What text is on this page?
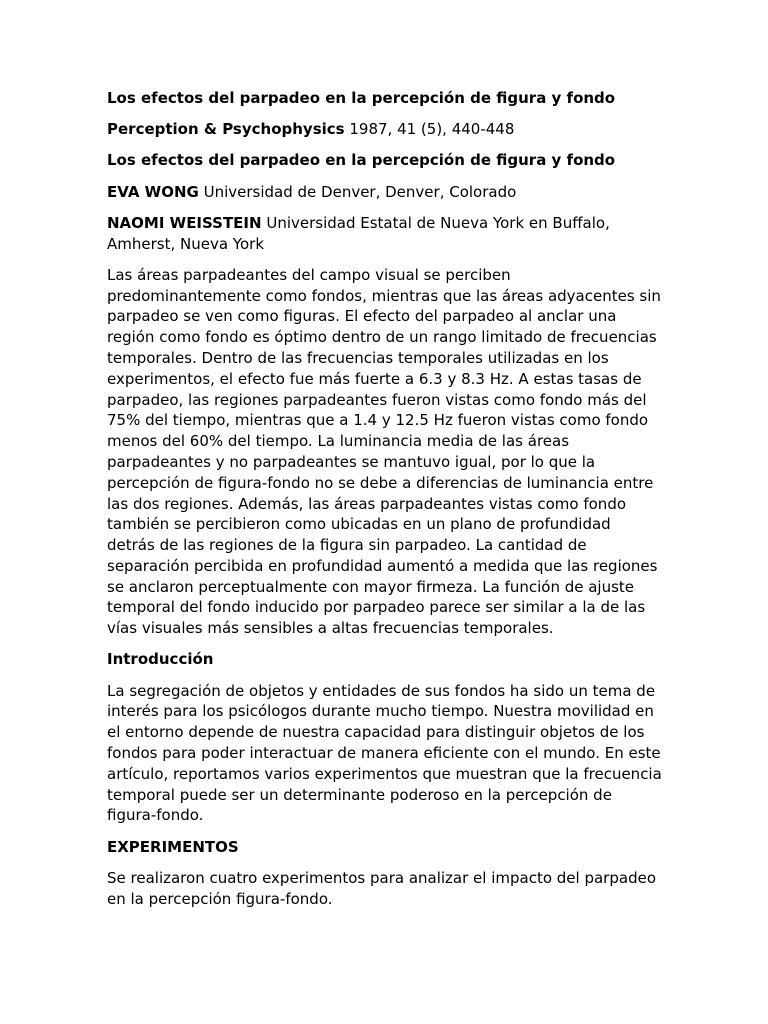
Los efectos del parpadeo en la percepción de figura y fondo

Perception & Psychophysics 1987, 41 (5), 440-448

Los efectos del parpadeo en la percepción de figura y fondo

EVA WONG Universidad de Denver, Denver, Colorado

NAOMI WEISSTEIN Universidad Estatal de Nueva York en Buffalo, Amherst, Nueva York

Las áreas parpadeantes del campo visual se perciben predominantemente como fondos, mientras que las áreas adyacentes sin parpadeo se ven como figuras. El efecto del parpadeo al anclar una región como fondo es óptimo dentro de un rango limitado de frecuencias temporales. Dentro de las frecuencias temporales utilizadas en los experimentos, el efecto fue más fuerte a 6.3 y 8.3 Hz. A estas tasas de parpadeo, las regiones parpadeantes fueron vistas como fondo más del 75% del tiempo, mientras que a 1.4 y 12.5 Hz fueron vistas como fondo menos del 60% del tiempo. La luminancia media de las áreas parpadeantes y no parpadeantes se mantuvo igual, por lo que la percepción de figura-fondo no se debe a diferencias de luminancia entre las dos regiones. Además, las áreas parpadeantes vistas como fondo también se percibieron como ubicadas en un plano de profundidad detrás de las regiones de la figura sin parpadeo. La cantidad de separación percibida en profundidad aumentó a medida que las regiones se anclaron perceptualmente con mayor firmeza. La función de ajuste temporal del fondo inducido por parpadeo parece ser similar a la de las vías visuales más sensibles a altas frecuencias temporales.

Introducción

La segregación de objetos y entidades de sus fondos ha sido un tema de interés para los psicólogos durante mucho tiempo. Nuestra movilidad en el entorno depende de nuestra capacidad para distinguir objetos de los fondos para poder interactuar de manera eficiente con el mundo. En este artículo, reportamos varios experimentos que muestran que la frecuencia temporal puede ser un determinante poderoso en la percepción de figura-fondo.

EXPERIMENTOS

Se realizaron cuatro experimentos para analizar el impacto del parpadeo en la percepción figura-fondo.
